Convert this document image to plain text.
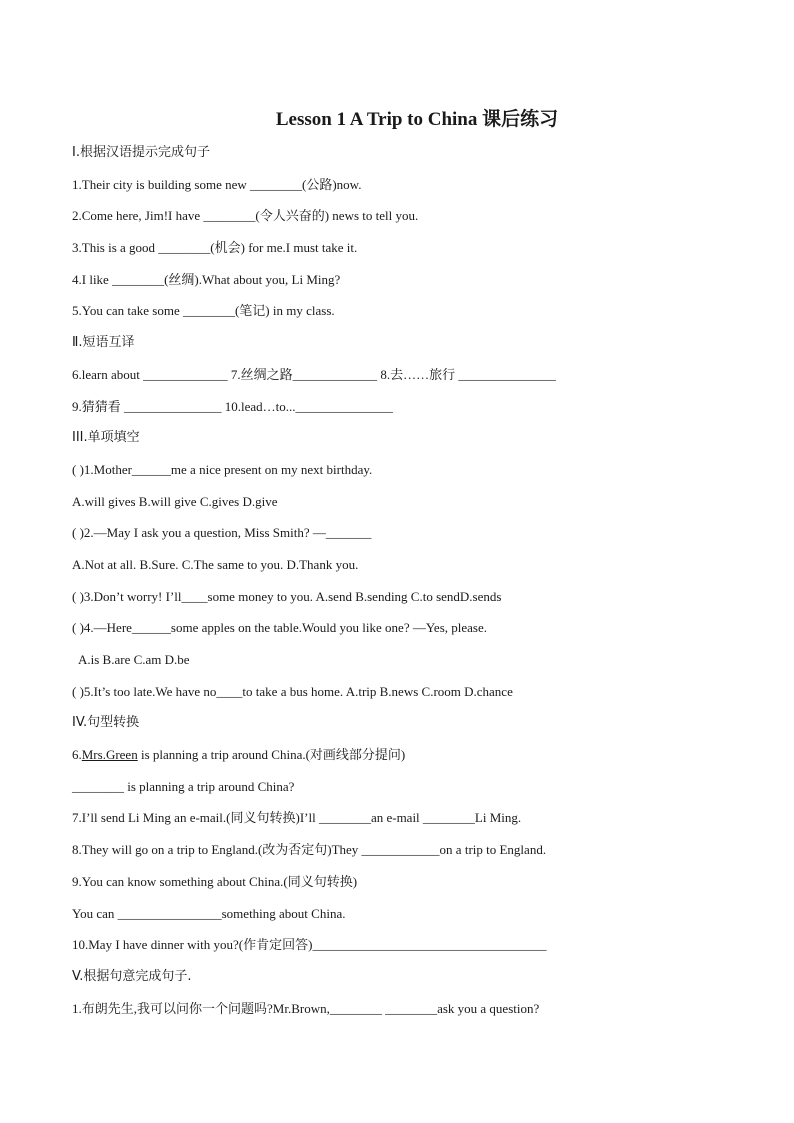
Lesson 1 A Trip to China 课后练习
Ⅰ.根据汉语提示完成句子
1.Their city is building some new ________(公路)now.
2.Come here, Jim!I have ________(令人兴奋的) news to tell you.
3.This is a good ________(机会) for me.I must take it.
4.I like ________(丝绸).What about you, Li Ming?
5.You can take some ________(笔记) in my class.
Ⅱ.短语互译
6.learn about _____________ 7.丝绸之路_____________ 8.去……旅行 _______________
9.猜猜看 _______________ 10.lead…to..._______________
III.单项填空
( )1.Mother______me a nice present on my next birthday.
A.will gives B.will give C.gives D.give
( )2.—May I ask you a question, Miss Smith? —_______
A.Not at all. B.Sure. C.The same to you. D.Thank you.
( )3.Don’t worry! I’ll____some money to you. A.send B.sending C.to sendD.sends
( )4.—Here______some apples on the table.Would you like one? —Yes, please.
A.is B.are C.am D.be
( )5.It’s too late.We have no____to take a bus home. A.trip B.news C.room D.chance
IV.句型转换
6.Mrs.Green is planning a trip around China.(对画线部分提问)
________ is planning a trip around China?
7.I’ll send Li Ming an e-mail.(同义句转换)I’ll ________an e-mail ________Li Ming.
8.They will go on a trip to England.(改为否定句)They ____________on a trip to England.
9.You can know something about China.(同义句转换)
You can ________________something about China.
10.May I have dinner with you?(作肯定回答)____________________________________
V.根据句意完成句子.
1.布朗先生,我可以问你一个问题吗?Mr.Brown,________ ________ask you a question?
